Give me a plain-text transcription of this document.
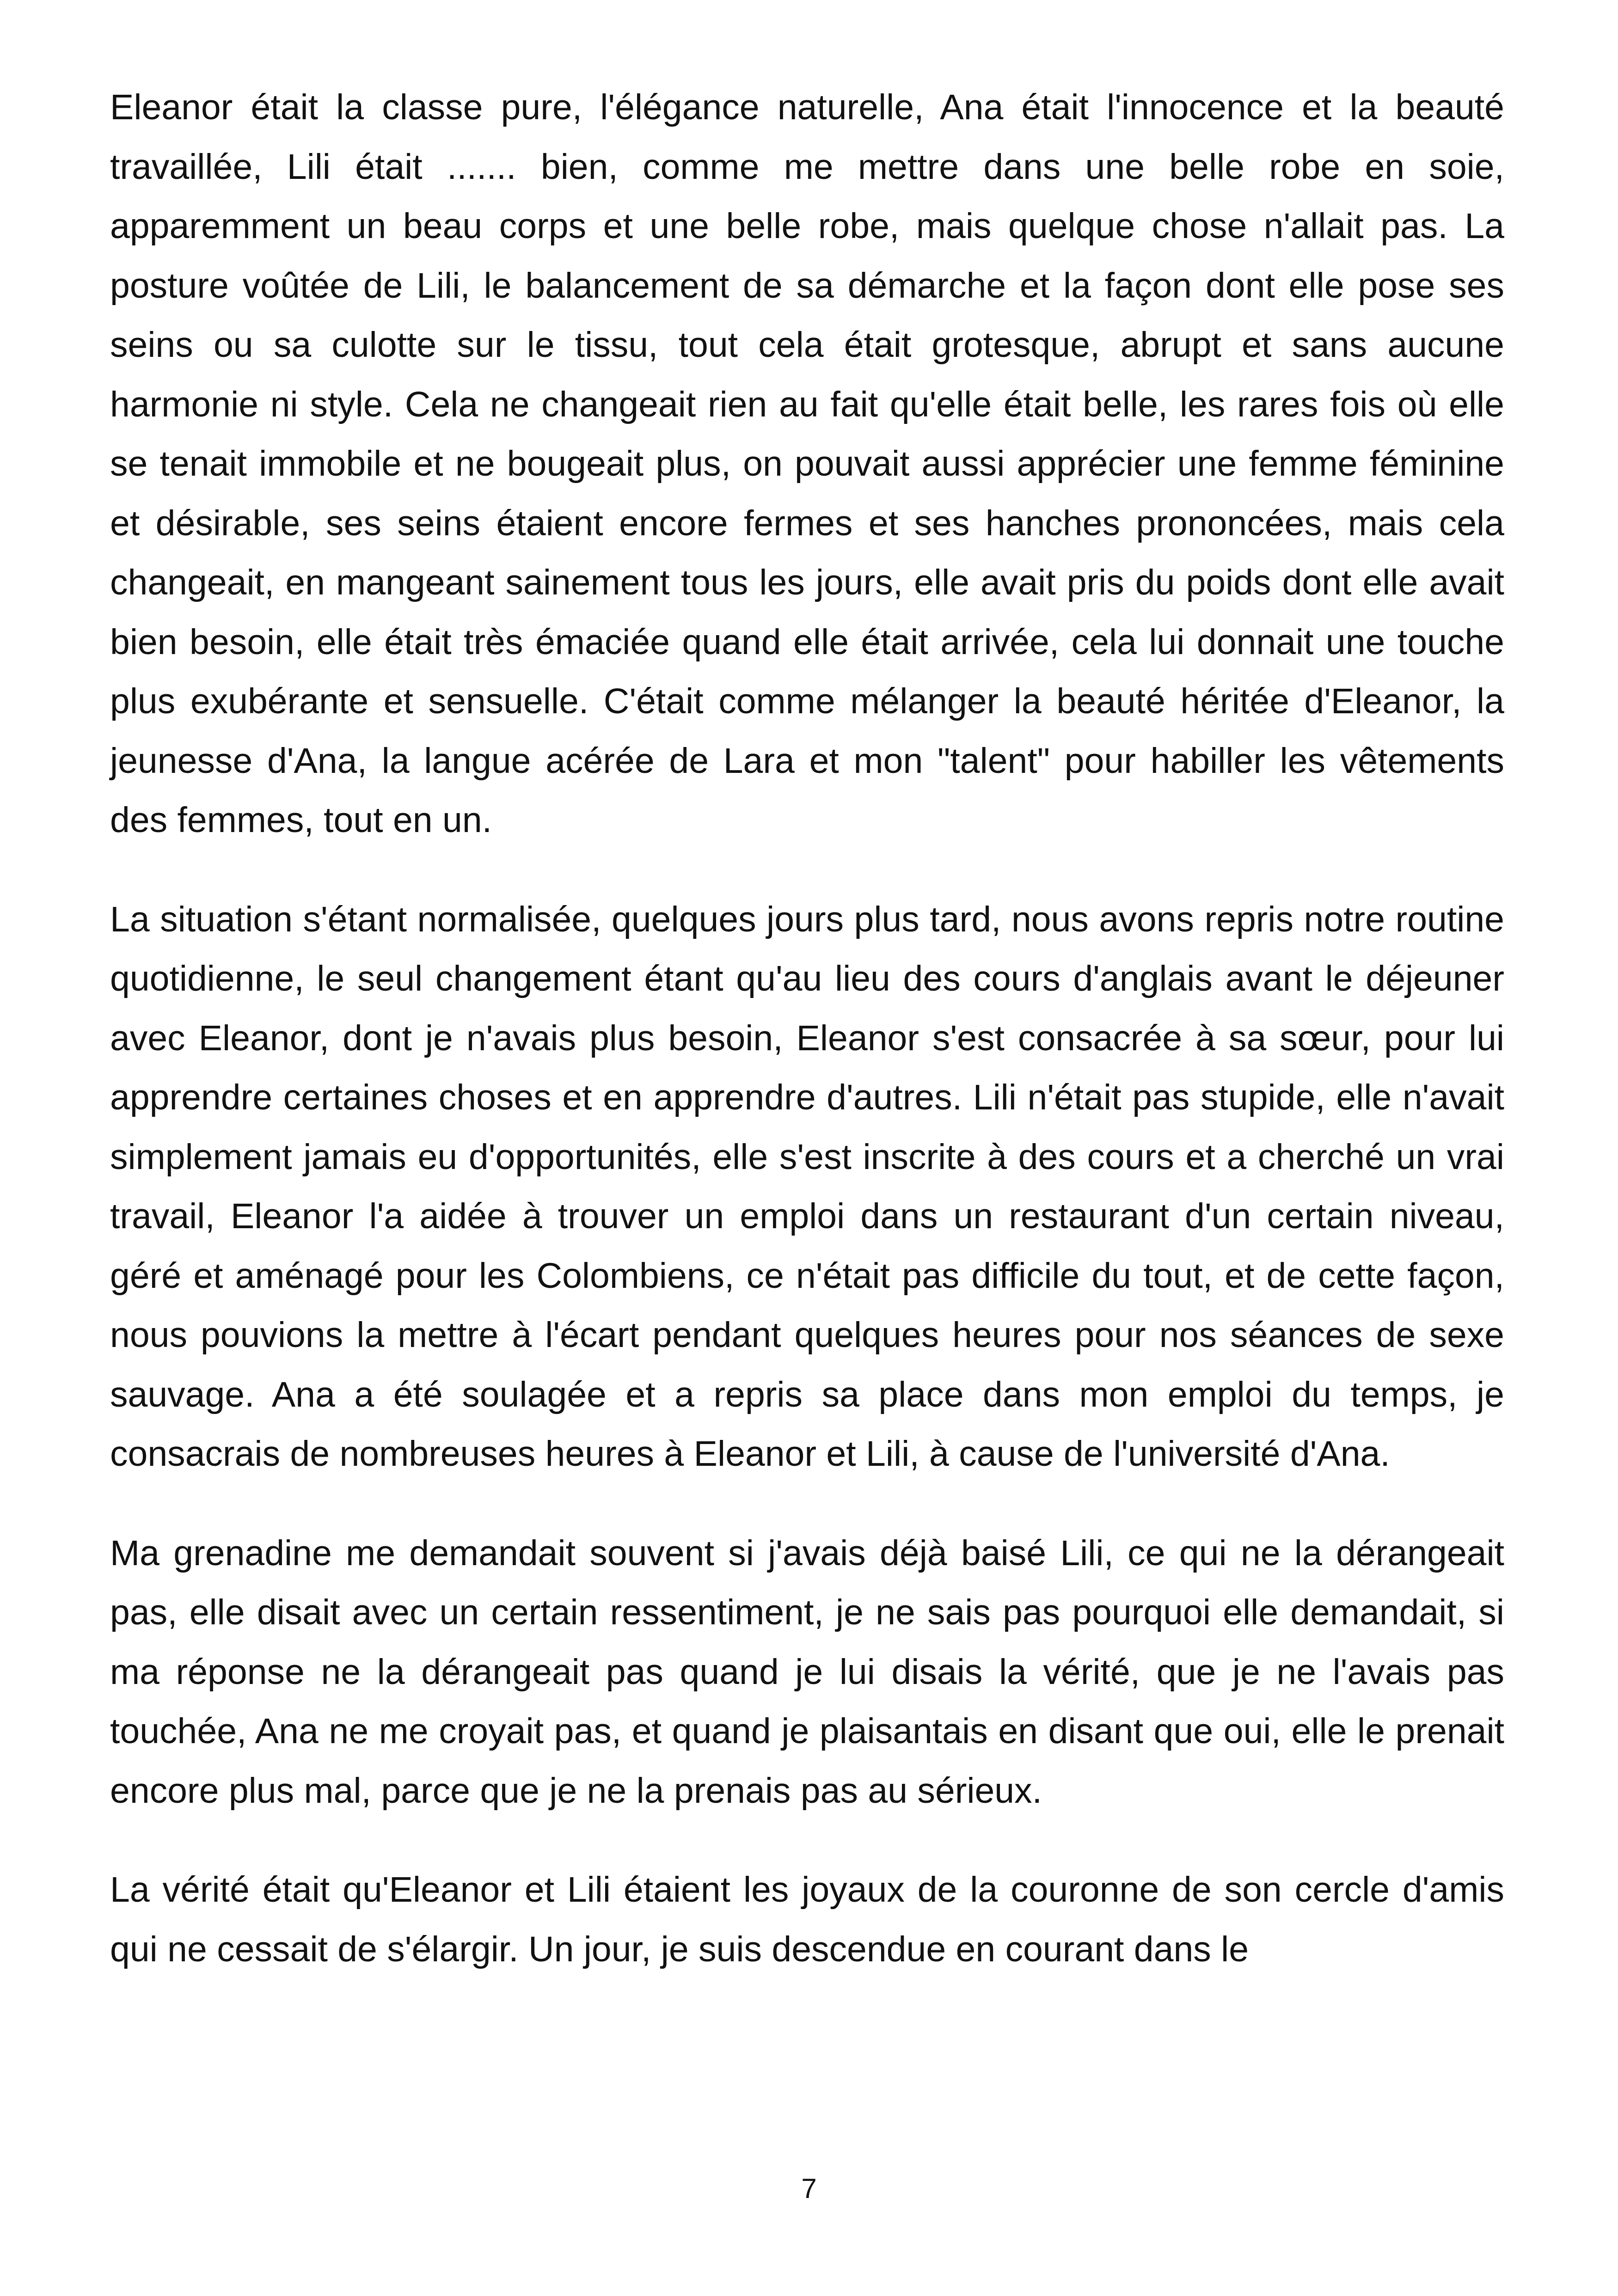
Eleanor était la classe pure, l'élégance naturelle, Ana était l'innocence et la beauté travaillée, Lili était ....... bien, comme me mettre dans une belle robe en soie, apparemment un beau corps et une belle robe, mais quelque chose n'allait pas. La posture voûtée de Lili, le balancement de sa démarche et la façon dont elle pose ses seins ou sa culotte sur le tissu, tout cela était grotesque, abrupt et sans aucune harmonie ni style. Cela ne changeait rien au fait qu'elle était belle, les rares fois où elle se tenait immobile et ne bougeait plus, on pouvait aussi apprécier une femme féminine et désirable, ses seins étaient encore fermes et ses hanches prononcées, mais cela changeait, en mangeant sainement tous les jours, elle avait pris du poids dont elle avait bien besoin, elle était très émaciée quand elle était arrivée, cela lui donnait une touche plus exubérante et sensuelle. C'était comme mélanger la beauté héritée d'Eleanor, la jeunesse d'Ana, la langue acérée de Lara et mon "talent" pour habiller les vêtements des femmes, tout en un.

La situation s'étant normalisée, quelques jours plus tard, nous avons repris notre routine quotidienne, le seul changement étant qu'au lieu des cours d'anglais avant le déjeuner avec Eleanor, dont je n'avais plus besoin, Eleanor s'est consacrée à sa sœur, pour lui apprendre certaines choses et en apprendre d'autres. Lili n'était pas stupide, elle n'avait simplement jamais eu d'opportunités, elle s'est inscrite à des cours et a cherché un vrai travail, Eleanor l'a aidée à trouver un emploi dans un restaurant d'un certain niveau, géré et aménagé pour les Colombiens, ce n'était pas difficile du tout, et de cette façon, nous pouvions la mettre à l'écart pendant quelques heures pour nos séances de sexe sauvage. Ana a été soulagée et a repris sa place dans mon emploi du temps, je consacrais de nombreuses heures à Eleanor et Lili, à cause de l'université d'Ana.

Ma grenadine me demandait souvent si j'avais déjà baisé Lili, ce qui ne la dérangeait pas, elle disait avec un certain ressentiment, je ne sais pas pourquoi elle demandait, si ma réponse ne la dérangeait pas quand je lui disais la vérité, que je ne l'avais pas touchée, Ana ne me croyait pas, et quand je plaisantais en disant que oui, elle le prenait encore plus mal, parce que je ne la prenais pas au sérieux.

La vérité était qu'Eleanor et Lili étaient les joyaux de la couronne de son cercle d'amis qui ne cessait de s'élargir. Un jour, je suis descendue en courant dans le

7
